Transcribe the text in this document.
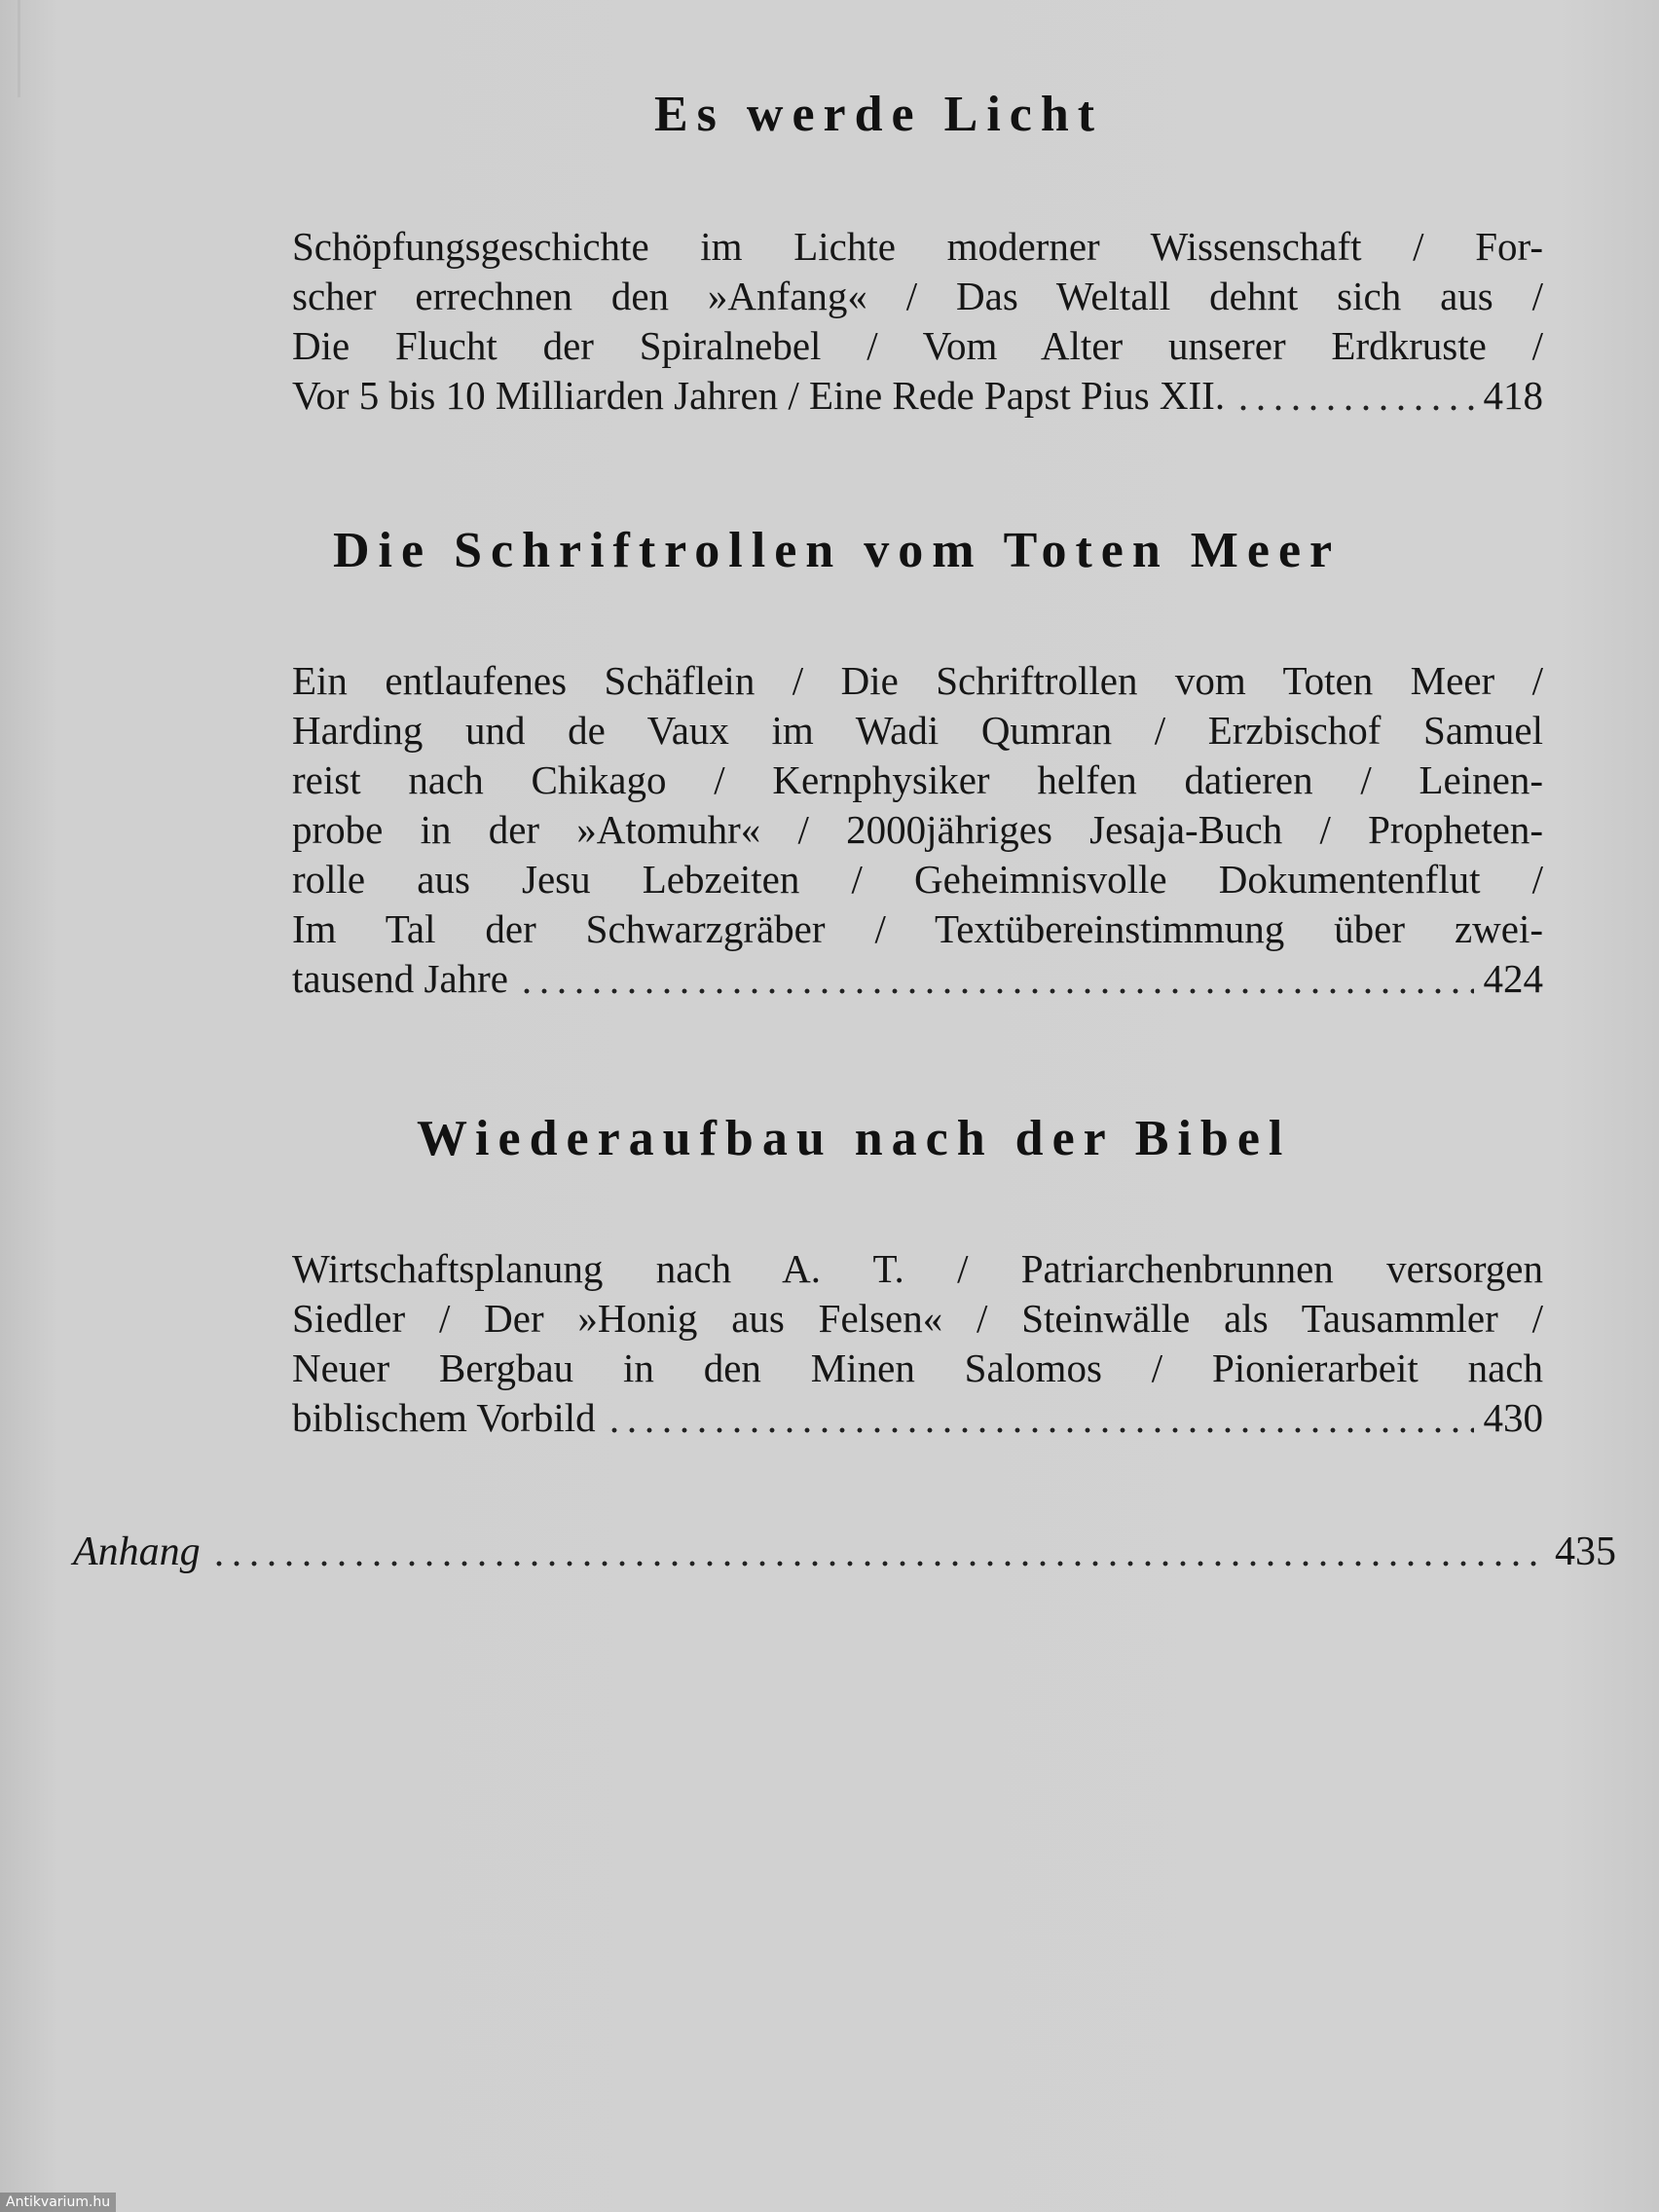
Es werde Licht
Schöpfungsgeschichte im Lichte moderner Wissenschaft / For-
scher errechnen den »Anfang« / Das Weltall dehnt sich aus /
Die Flucht der Spiralnebel / Vom Alter unserer Erdkruste /
Vor 5 bis 10 Milliarden Jahren / Eine Rede Papst Pius XII.	418
Die Schriftrollen vom Toten Meer
Ein entlaufenes Schäflein / Die Schriftrollen vom Toten Meer /
Harding und de Vaux im Wadi Qumran / Erzbischof Samuel
reist nach Chikago / Kernphysiker helfen datieren / Leinen-
probe in der »Atomuhr« / 2000jähriges Jesaja-Buch / Propheten-
rolle aus Jesu Lebzeiten / Geheimnisvolle Dokumentenflut /
Im Tal der Schwarzgräber / Textübereinstimmung über zwei-
tausend Jahre	424
Wiederaufbau nach der Bibel
Wirtschaftsplanung nach A. T. / Patriarchenbrunnen versorgen
Siedler / Der »Honig aus Felsen« / Steinwälle als Tausammler /
Neuer Bergbau in den Minen Salomos / Pionierarbeit nach
biblischem Vorbild	430
Anhang	435
Antikvarium.hu
